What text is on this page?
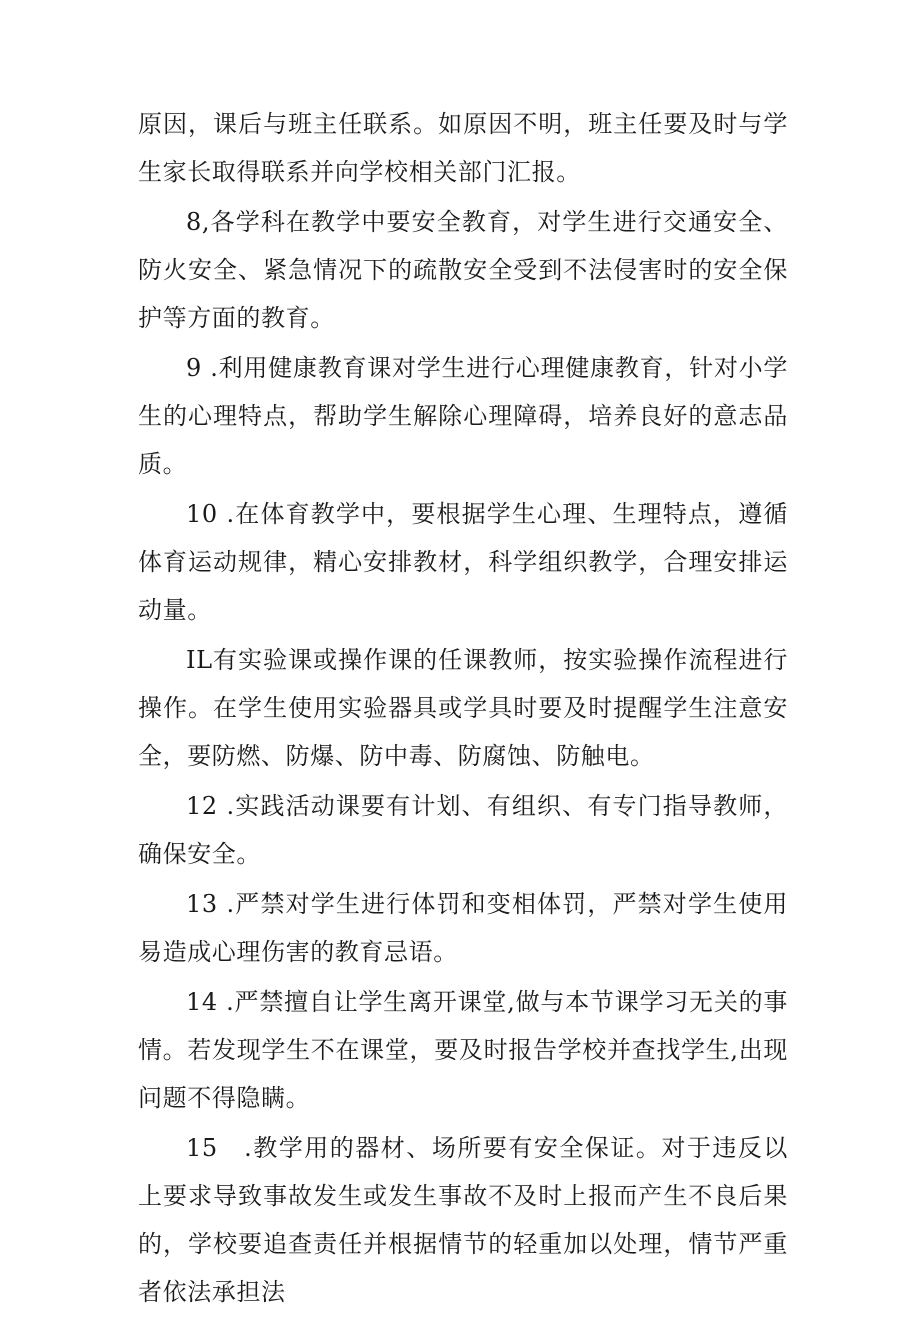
原因，课后与班主任联系。如原因不明，班主任要及时与学生家长取得联系并向学校相关部门汇报。

8,各学科在教学中要安全教育，对学生进行交通安全、防火安全、紧急情况下的疏散安全受到不法侵害时的安全保护等方面的教育。

9 .利用健康教育课对学生进行心理健康教育，针对小学生的心理特点，帮助学生解除心理障碍，培养良好的意志品质。

10 .在体育教学中，要根据学生心理、生理特点，遵循体育运动规律，精心安排教材，科学组织教学，合理安排运动量。

IL有实验课或操作课的任课教师，按实验操作流程进行操作。在学生使用实验器具或学具时要及时提醒学生注意安全，要防燃、防爆、防中毒、防腐蚀、防触电。

12 .实践活动课要有计划、有组织、有专门指导教师，确保安全。

13 .严禁对学生进行体罚和变相体罚，严禁对学生使用易造成心理伤害的教育忌语。

14 .严禁擅自让学生离开课堂,做与本节课学习无关的事情。若发现学生不在课堂，要及时报告学校并查找学生,出现问题不得隐瞒。

15　.教学用的器材、场所要有安全保证。对于违反以上要求导致事故发生或发生事故不及时上报而产生不良后果的，学校要追查责任并根据情节的轻重加以处理，情节严重者依法承担法
